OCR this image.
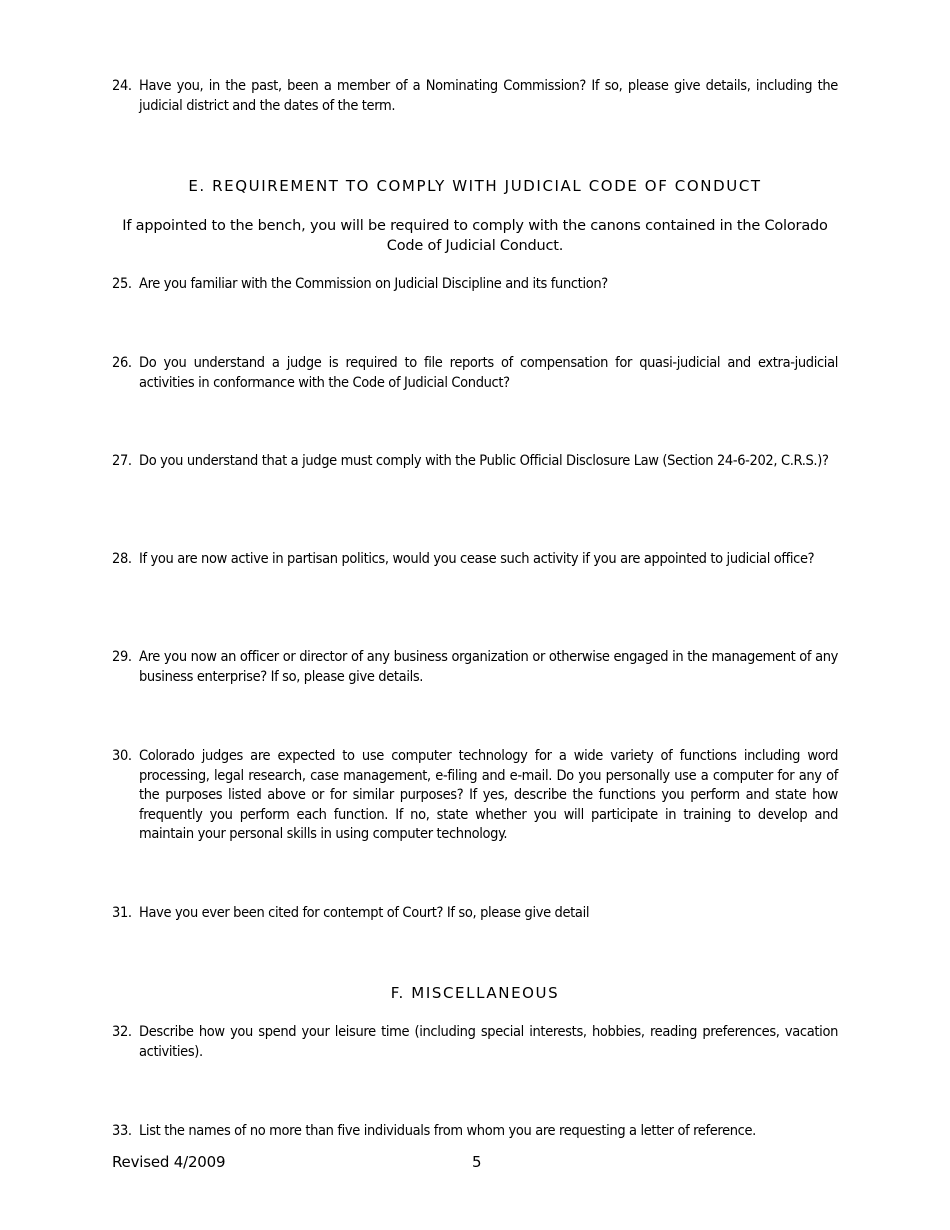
24. Have you, in the past, been a member of a Nominating Commission? If so, please give details, including the judicial district and the dates of the term.
E. REQUIREMENT TO COMPLY WITH JUDICIAL CODE OF CONDUCT
If appointed to the bench, you will be required to comply with the canons contained in the Colorado Code of Judicial Conduct.
25. Are you familiar with the Commission on Judicial Discipline and its function?
26. Do you understand a judge is required to file reports of compensation for quasi-judicial and extra-judicial activities in conformance with the Code of Judicial Conduct?
27. Do you understand that a judge must comply with the Public Official Disclosure Law (Section 24-6-202, C.R.S.)?
28. If you are now active in partisan politics, would you cease such activity if you are appointed to judicial office?
29. Are you now an officer or director of any business organization or otherwise engaged in the management of any business enterprise? If so, please give details.
30. Colorado judges are expected to use computer technology for a wide variety of functions including word processing, legal research, case management, e-filing and e-mail. Do you personally use a computer for any of the purposes listed above or for similar purposes? If yes, describe the functions you perform and state how frequently you perform each function. If no, state whether you will participate in training to develop and maintain your personal skills in using computer technology.
31. Have you ever been cited for contempt of Court? If so, please give detail
F. MISCELLANEOUS
32. Describe how you spend your leisure time (including special interests, hobbies, reading preferences, vacation activities).
33. List the names of no more than five individuals from whom you are requesting a letter of reference.
Revised 4/2009	5
